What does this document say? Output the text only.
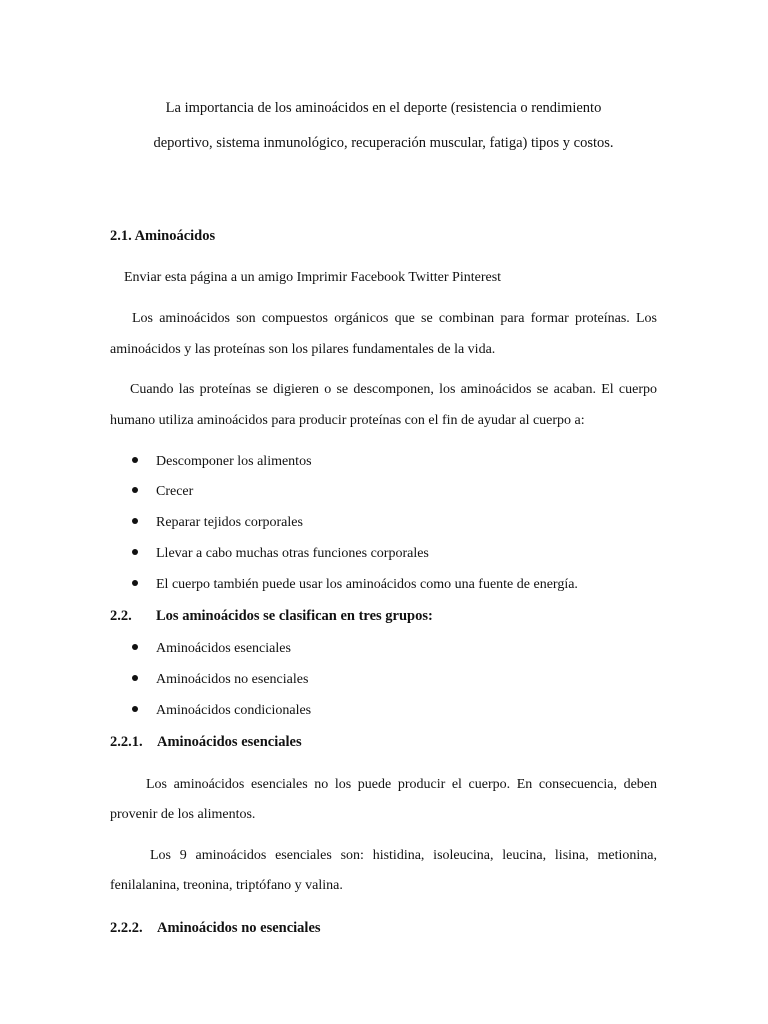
La importancia de los aminoácidos en el deporte (resistencia o rendimiento
deportivo, sistema inmunológico, recuperación muscular, fatiga) tipos y costos.
2.1. Aminoácidos
Enviar esta página a un amigo Imprimir Facebook Twitter Pinterest
Los aminoácidos son compuestos orgánicos que se combinan para formar proteínas. Los
aminoácidos y las proteínas son los pilares fundamentales de la vida.
Cuando las proteínas se digieren o se descomponen, los aminoácidos se acaban. El cuerpo
humano utiliza aminoácidos para producir proteínas con el fin de ayudar al cuerpo a:
Descomponer los alimentos
Crecer
Reparar tejidos corporales
Llevar a cabo muchas otras funciones corporales
El cuerpo también puede usar los aminoácidos como una fuente de energía.
2.2. Los aminoácidos se clasifican en tres grupos:
Aminoácidos esenciales
Aminoácidos no esenciales
Aminoácidos condicionales
2.2.1. Aminoácidos esenciales
Los aminoácidos esenciales no los puede producir el cuerpo. En consecuencia, deben
provenir de los alimentos.
Los 9 aminoácidos esenciales son: histidina, isoleucina, leucina, lisina, metionina,
fenilalanina, treonina, triptófano y valina.
2.2.2. Aminoácidos no esenciales
